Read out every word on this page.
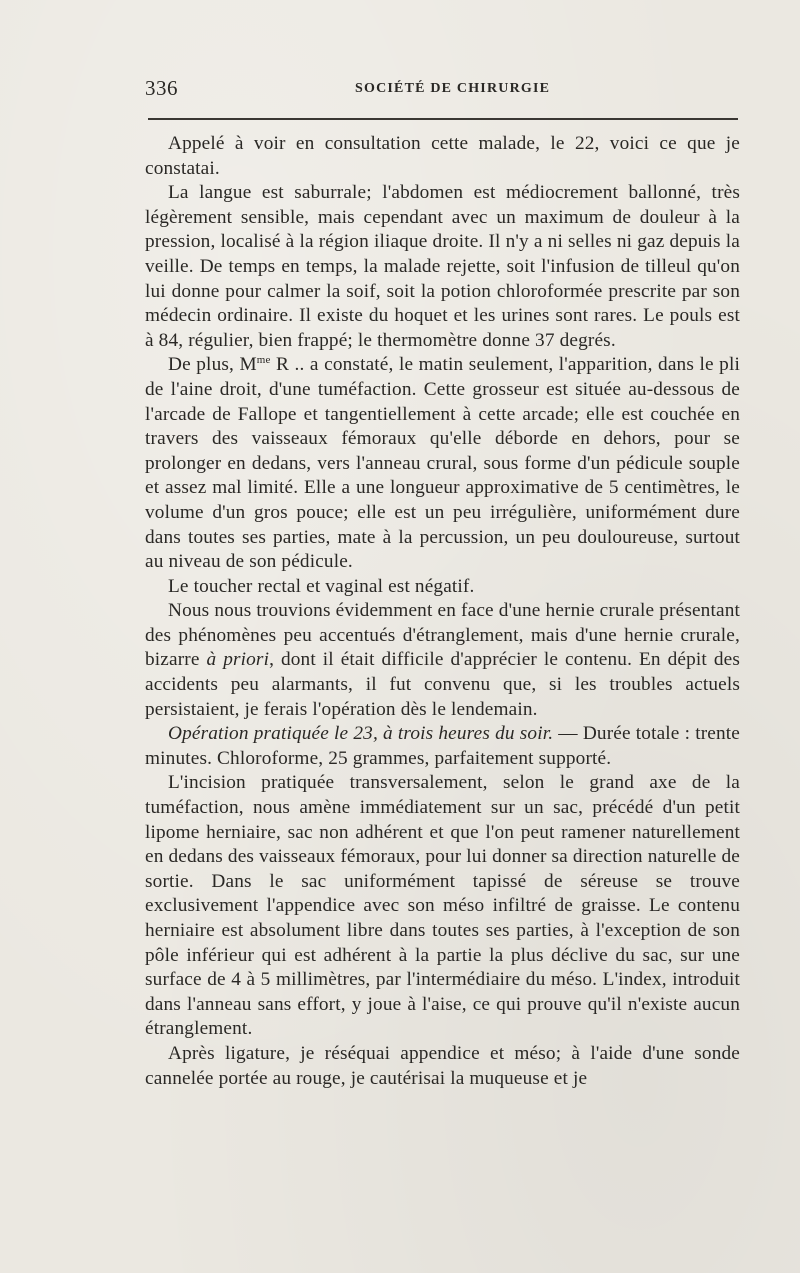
336	SOCIÉTÉ DE CHIRURGIE

Appelé à voir en consultation cette malade, le 22, voici ce que je constatai.

La langue est saburrale; l'abdomen est médiocrement ballonné, très légèrement sensible, mais cependant avec un maximum de douleur à la pression, localisé à la région iliaque droite. Il n'y a ni selles ni gaz depuis la veille. De temps en temps, la malade rejette, soit l'infusion de tilleul qu'on lui donne pour calmer la soif, soit la potion chloroformée prescrite par son médecin ordinaire. Il existe du hoquet et les urines sont rares. Le pouls est à 84, régulier, bien frappé; le thermomètre donne 37 degrés.

De plus, $M^{me}$ R .. a constaté, le matin seulement, l'apparition, dans le pli de l'aine droit, d'une tuméfaction. Cette grosseur est située au-dessous de l'arcade de Fallope et tangentiellement à cette arcade; elle est couchée en travers des vaisseaux fémoraux qu'elle déborde en dehors, pour se prolonger en dedans, vers l'anneau crural, sous forme d'un pédicule souple et assez mal limité. Elle a une longueur approximative de 5 centimètres, le volume d'un gros pouce; elle est un peu irrégulière, uniformément dure dans toutes ses parties, mate à la percussion, un peu douloureuse, surtout au niveau de son pédicule.

Le toucher rectal et vaginal est négatif.

Nous nous trouvions évidemment en face d'une hernie crurale présentant des phénomènes peu accentués d'étranglement, mais d'une hernie crurale, bizarre à priori, dont il était difficile d'apprécier le contenu. En dépit des accidents peu alarmants, il fut convenu que, si les troubles actuels persistaient, je ferais l'opération dès le lendemain.

Opération pratiquée le 23, à trois heures du soir. — Durée totale : trente minutes. Chloroforme, 25 grammes, parfaitement supporté.

L'incision pratiquée transversalement, selon le grand axe de la tuméfaction, nous amène immédiatement sur un sac, précédé d'un petit lipome herniaire, sac non adhérent et que l'on peut ramener naturellement en dedans des vaisseaux fémoraux, pour lui donner sa direction naturelle de sortie. Dans le sac uniformément tapissé de séreuse se trouve exclusivement l'appendice avec son méso infiltré de graisse. Le contenu herniaire est absolument libre dans toutes ses parties, à l'exception de son pôle inférieur qui est adhérent à la partie la plus déclive du sac, sur une surface de 4 à 5 millimètres, par l'intermédiaire du méso. L'index, introduit dans l'anneau sans effort, y joue à l'aise, ce qui prouve qu'il n'existe aucun étranglement.

Après ligature, je réséquai appendice et méso; à l'aide d'une sonde cannelée portée au rouge, je cautérisai la muqueuse et je
